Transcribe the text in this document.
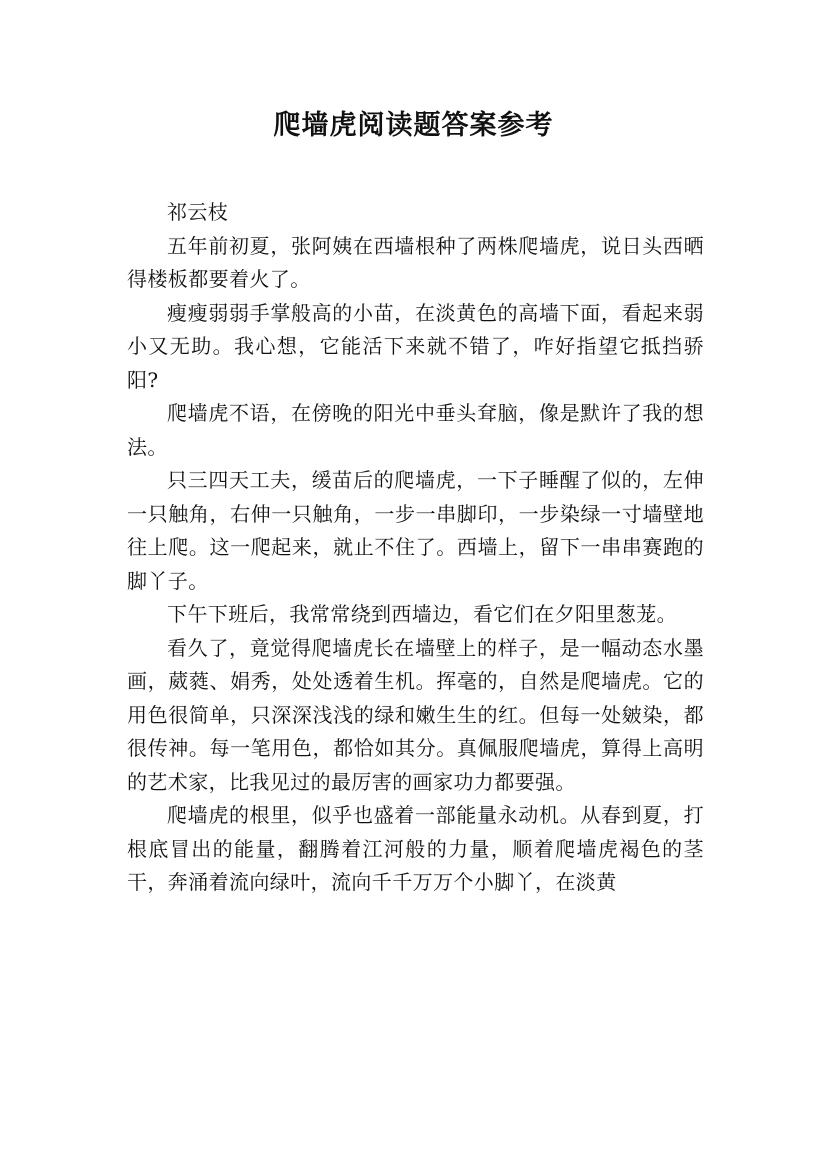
爬墙虎阅读题答案参考

祁云枝

五年前初夏，张阿姨在西墙根种了两株爬墙虎，说日头西晒得楼板都要着火了。

瘦瘦弱弱手掌般高的小苗，在淡黄色的高墙下面，看起来弱小又无助。我心想，它能活下来就不错了，咋好指望它抵挡骄阳?

爬墙虎不语，在傍晚的阳光中垂头耷脑，像是默许了我的想法。

只三四天工夫，缓苗后的爬墙虎，一下子睡醒了似的，左伸一只触角，右伸一只触角，一步一串脚印，一步染绿一寸墙壁地往上爬。这一爬起来，就止不住了。西墙上，留下一串串赛跑的脚丫子。

下午下班后，我常常绕到西墙边，看它们在夕阳里葱茏。

看久了，竟觉得爬墙虎长在墙壁上的样子，是一幅动态水墨画，葳蕤、娟秀，处处透着生机。挥毫的，自然是爬墙虎。它的用色很简单，只深深浅浅的绿和嫩生生的红。但每一处皴染，都很传神。每一笔用色，都恰如其分。真佩服爬墙虎，算得上高明的艺术家，比我见过的最厉害的画家功力都要强。

爬墙虎的根里，似乎也盛着一部能量永动机。从春到夏，打根底冒出的能量，翻腾着江河般的力量，顺着爬墙虎褐色的茎干，奔涌着流向绿叶，流向千千万万个小脚丫，在淡黄
